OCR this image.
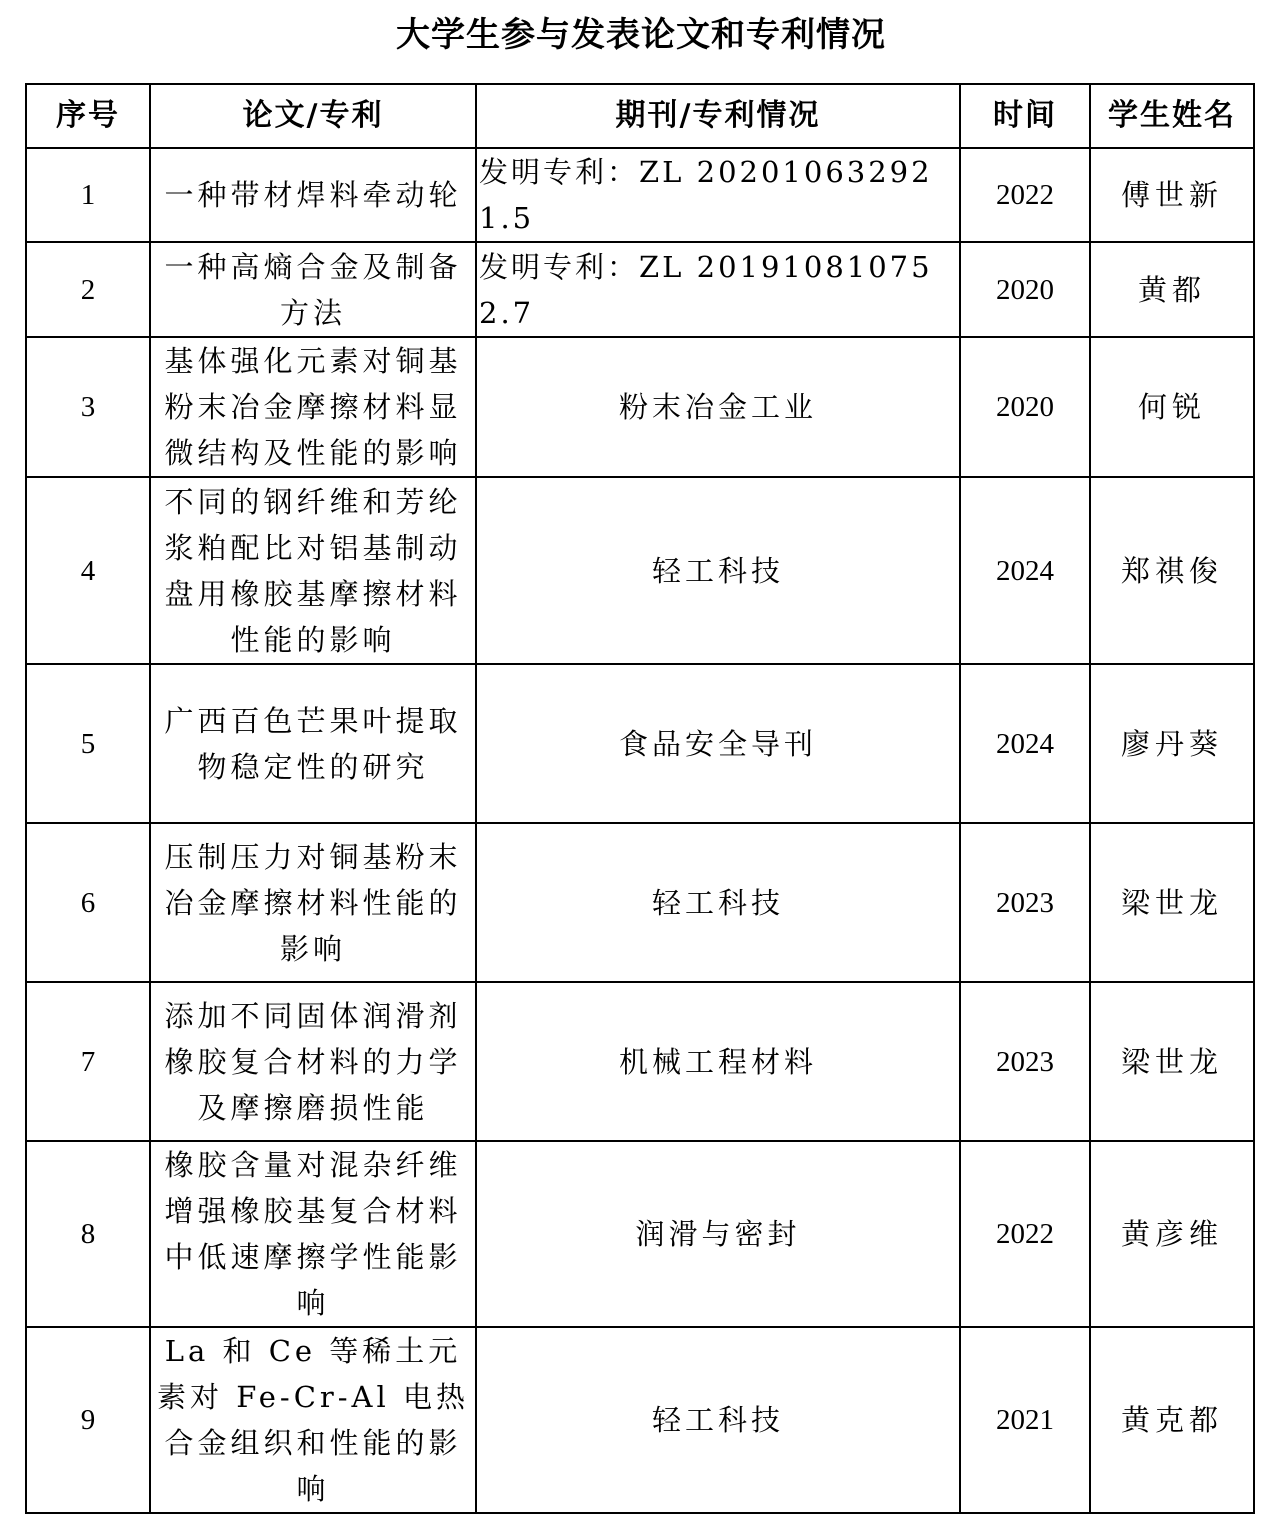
大学生参与发表论文和专利情况
序号	论文/专利	期刊/专利情况	时间	学生姓名
1	一种带材焊料牵动轮	发明专利：ZL 202010632921.5	2022	傅世新
2	一种高熵合金及制备方法	发明专利：ZL 201910810752.7	2020	黄都
3	基体强化元素对铜基粉末冶金摩擦材料显微结构及性能的影响	粉末冶金工业	2020	何锐
4	不同的钢纤维和芳纶浆粕配比对铝基制动盘用橡胶基摩擦材料性能的影响	轻工科技	2024	郑祺俊
5	广西百色芒果叶提取物稳定性的研究	食品安全导刊	2024	廖丹葵
6	压制压力对铜基粉末冶金摩擦材料性能的影响	轻工科技	2023	梁世龙
7	添加不同固体润滑剂橡胶复合材料的力学及摩擦磨损性能	机械工程材料	2023	梁世龙
8	橡胶含量对混杂纤维增强橡胶基复合材料中低速摩擦学性能影响	润滑与密封	2022	黄彦维
9	La 和 Ce 等稀土元素对 Fe-Cr-Al 电热合金组织和性能的影响	轻工科技	2021	黄克都
